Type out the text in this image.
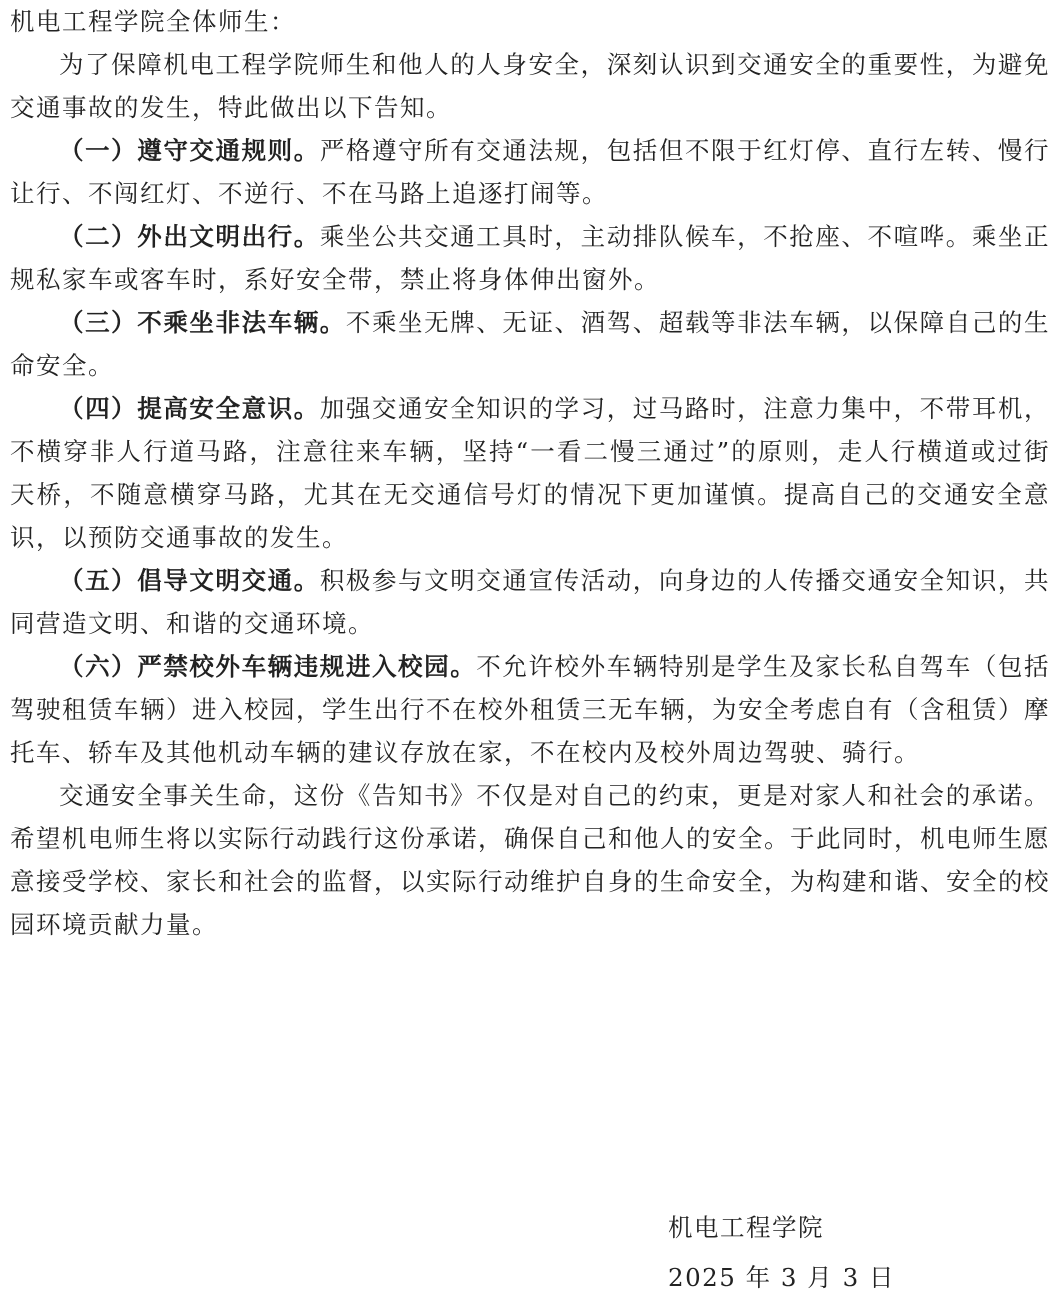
机电工程学院全体师生：

为了保障机电工程学院师生和他人的人身安全，深刻认识到交通安全的重要性，为避免交通事故的发生，特此做出以下告知。

（一）遵守交通规则。严格遵守所有交通法规，包括但不限于红灯停、直行左转、慢行让行、不闯红灯、不逆行、不在马路上追逐打闹等。

（二）外出文明出行。乘坐公共交通工具时，主动排队候车，不抢座、不喧哗。乘坐正规私家车或客车时，系好安全带，禁止将身体伸出窗外。

（三）不乘坐非法车辆。不乘坐无牌、无证、酒驾、超载等非法车辆，以保障自己的生命安全。

（四）提高安全意识。加强交通安全知识的学习，过马路时，注意力集中，不带耳机，不横穿非人行道马路，注意往来车辆，坚持“一看二慢三通过”的原则，走人行横道或过街天桥，不随意横穿马路，尤其在无交通信号灯的情况下更加谨慎。提高自己的交通安全意识，以预防交通事故的发生。

（五）倡导文明交通。积极参与文明交通宣传活动，向身边的人传播交通安全知识，共同营造文明、和谐的交通环境。

（六）严禁校外车辆违规进入校园。不允许校外车辆特别是学生及家长私自驾车（包括驾驶租赁车辆）进入校园，学生出行不在校外租赁三无车辆，为安全考虑自有（含租赁）摩托车、轿车及其他机动车辆的建议存放在家，不在校内及校外周边驾驶、骑行。

交通安全事关生命，这份《告知书》不仅是对自己的约束，更是对家人和社会的承诺。希望机电师生将以实际行动践行这份承诺，确保自己和他人的安全。于此同时，机电师生愿意接受学校、家长和社会的监督，以实际行动维护自身的生命安全，为构建和谐、安全的校园环境贡献力量。

机电工程学院
2025 年 3 月 3 日
